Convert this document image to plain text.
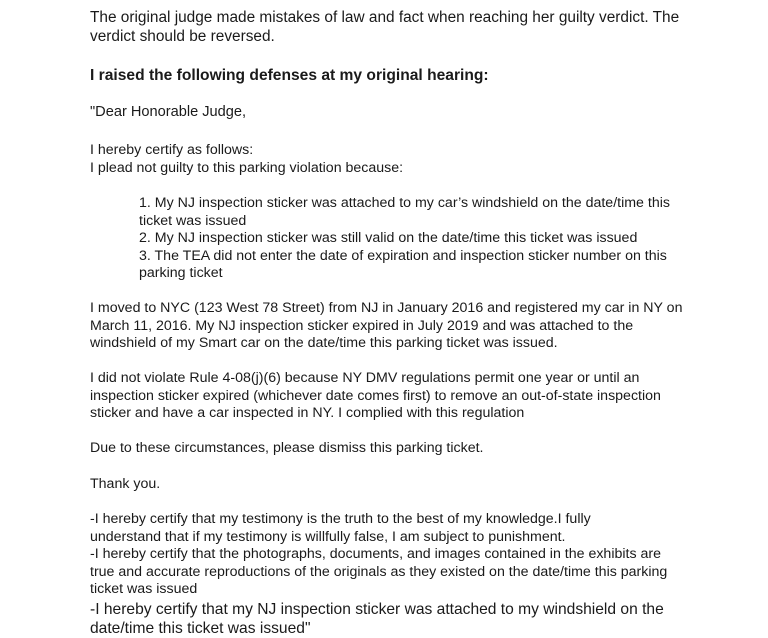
The original judge made mistakes of law and fact when reaching her guilty verdict. The verdict should be reversed.

I raised the following defenses at my original hearing:

"Dear Honorable Judge,

I hereby certify as follows:

I plead not guilty to this parking violation because:

1. My NJ inspection sticker was attached to my car’s windshield on the date/time this ticket was issued
2. My NJ inspection sticker was still valid on the date/time this ticket was issued
3. The TEA did not enter the date of expiration and inspection sticker number on this parking ticket

I moved to NYC (123 West 78 Street) from NJ in January 2016 and registered my car in NY on March 11, 2016. My NJ inspection sticker expired in July 2019 and was attached to the windshield of my Smart car on the date/time this parking ticket was issued.

I did not violate Rule 4-08(j)(6) because NY DMV regulations permit one year or until an inspection sticker expired (whichever date comes first) to remove an out-of-state inspection sticker and have a car inspected in NY. I complied with this regulation

Due to these circumstances, please dismiss this parking ticket.

Thank you.

-I hereby certify that my testimony is the truth to the best of my knowledge.I fully understand that if my testimony is willfully false, I am subject to punishment.

-I hereby certify that the photographs, documents, and images contained in the exhibits are true and accurate reproductions of the originals as they existed on the date/time this parking ticket was issued

-I hereby certify that my NJ inspection sticker was attached to my windshield on the date/time this ticket was issued"
